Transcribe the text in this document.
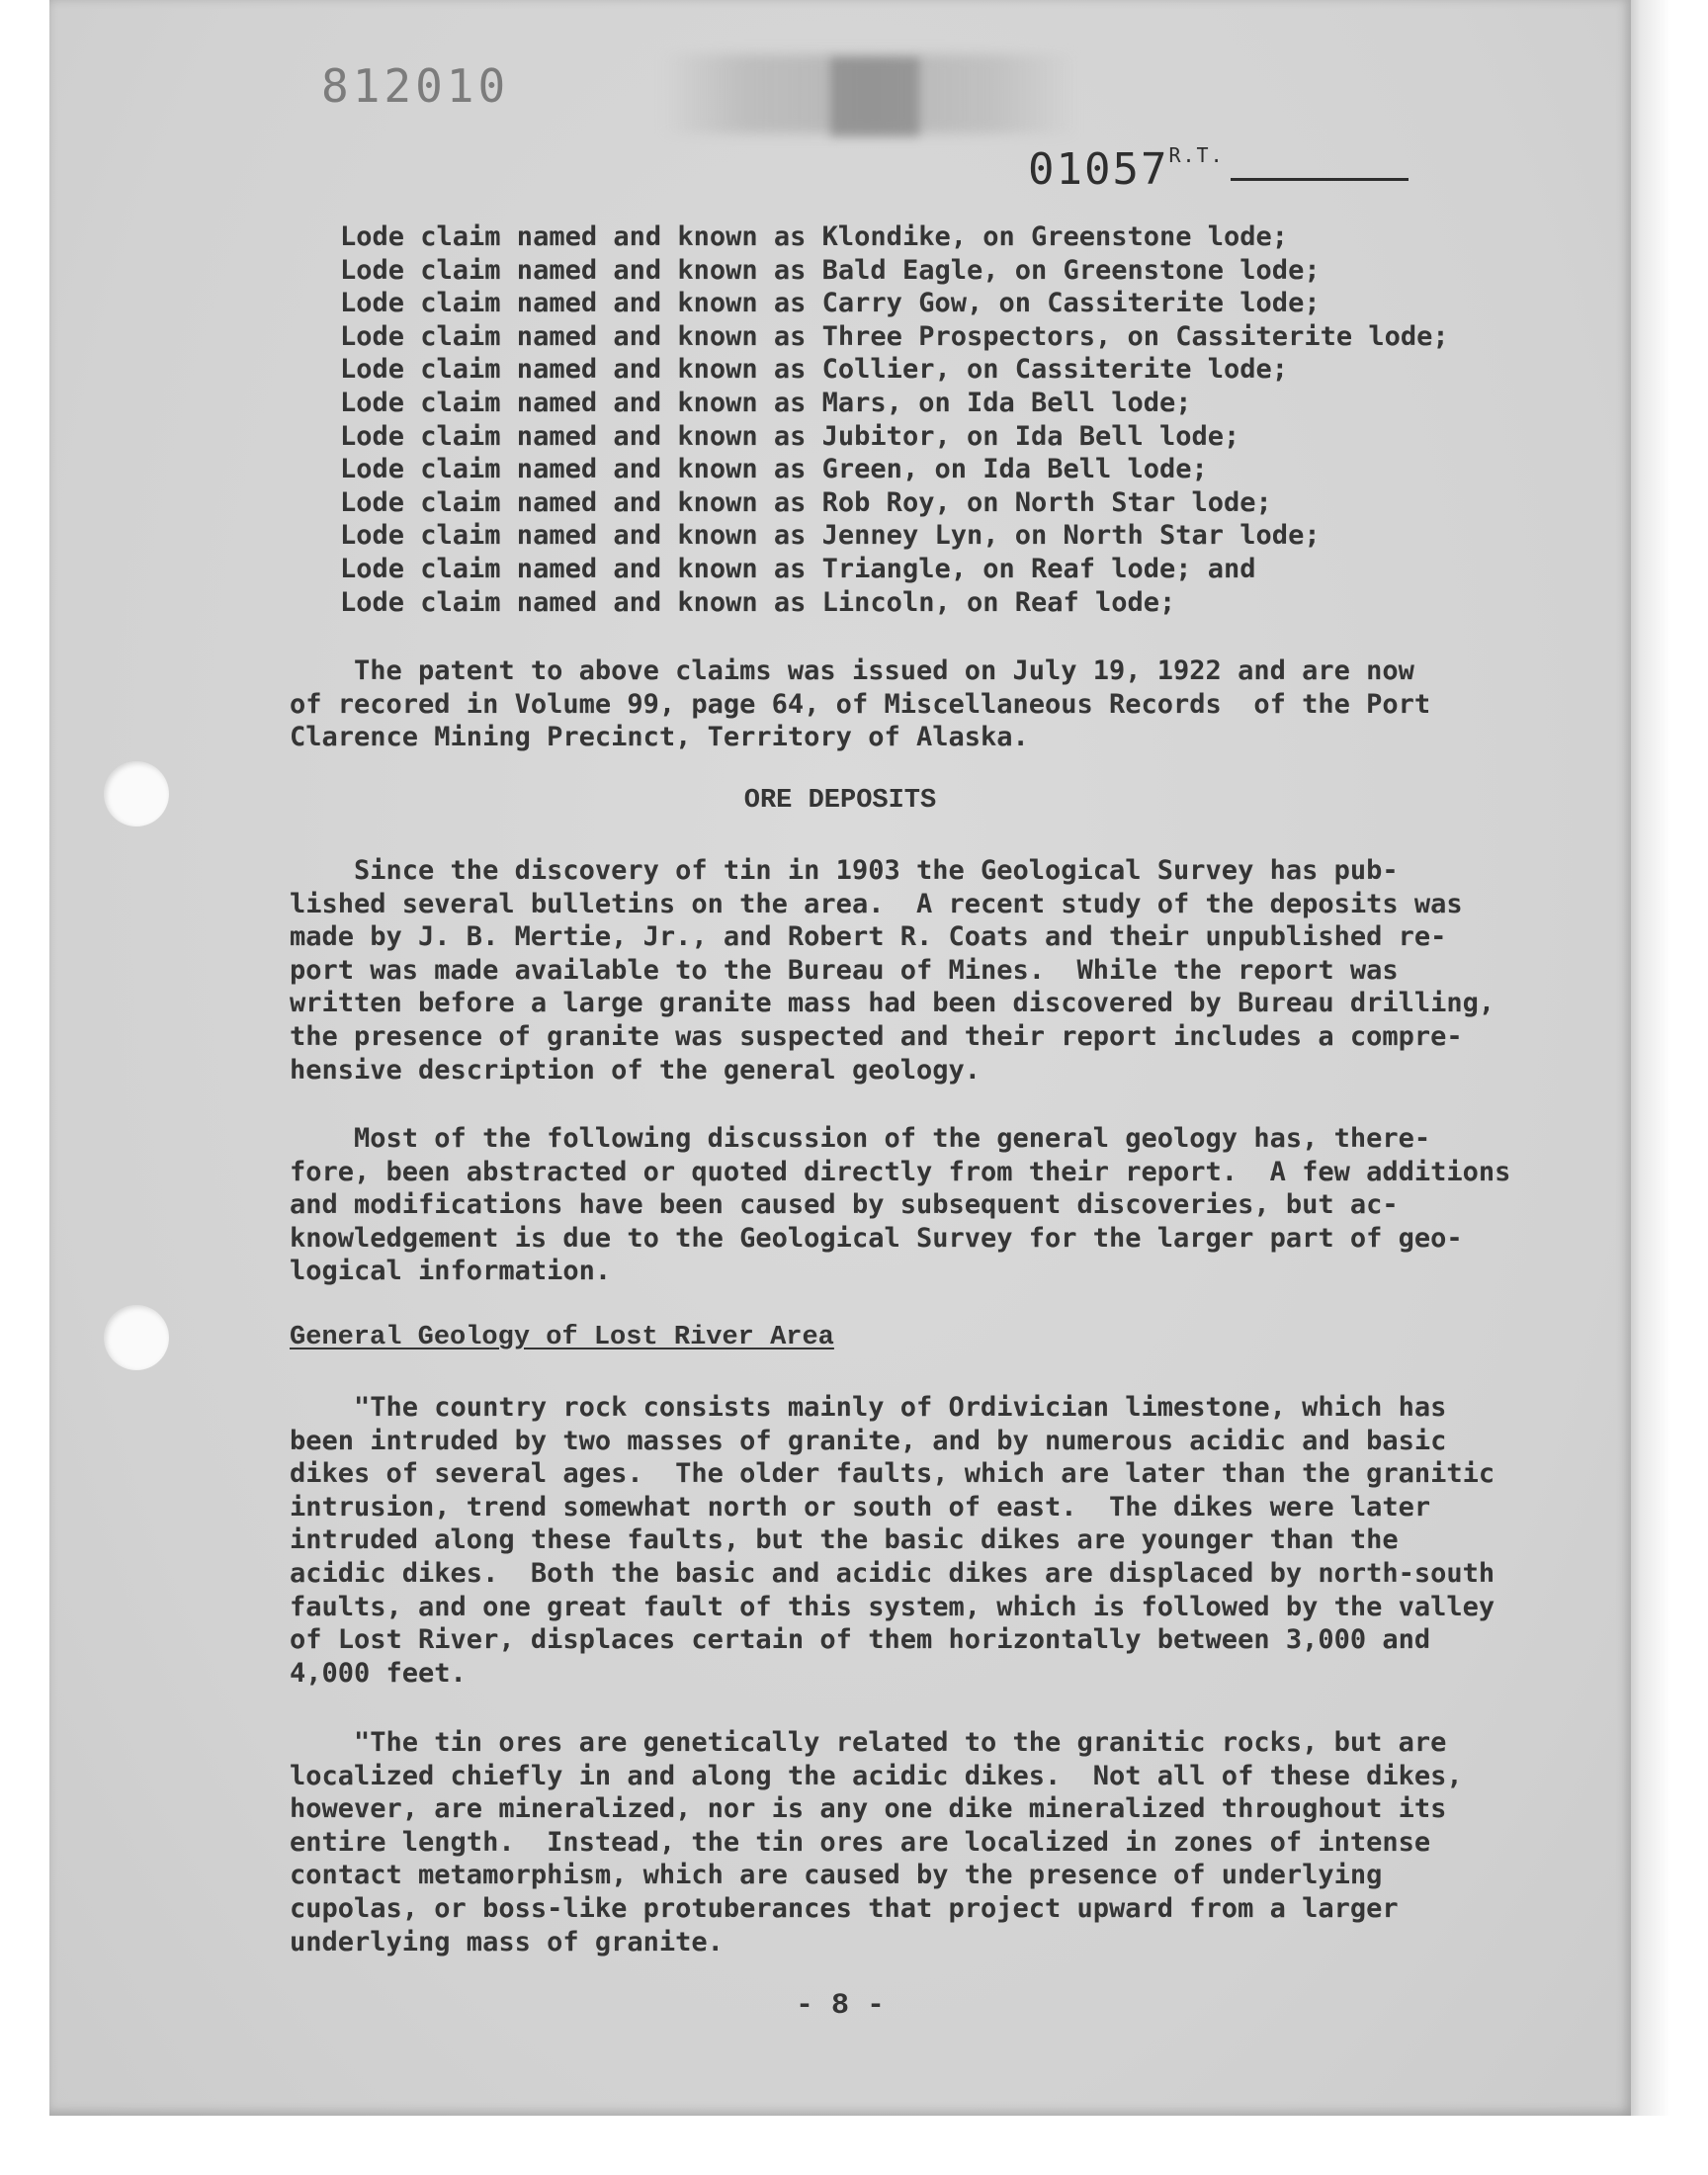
812010
$01057^{R.T.}$
Lode claim named and known as Klondike, on Greenstone lode;
Lode claim named and known as Bald Eagle, on Greenstone lode;
Lode claim named and known as Carry Gow, on Cassiterite lode;
Lode claim named and known as Three Prospectors, on Cassiterite lode;
Lode claim named and known as Collier, on Cassiterite lode;
Lode claim named and known as Mars, on Ida Bell lode;
Lode claim named and known as Jubitor, on Ida Bell lode;
Lode claim named and known as Green, on Ida Bell lode;
Lode claim named and known as Rob Roy, on North Star lode;
Lode claim named and known as Jenney Lyn, on North Star lode;
Lode claim named and known as Triangle, on Reaf lode; and
Lode claim named and known as Lincoln, on Reaf lode;
The patent to above claims was issued on July 19, 1922 and are now
of recored in Volume 99, page 64, of Miscellaneous Records  of the Port
Clarence Mining Precinct, Territory of Alaska.
ORE DEPOSITS
Since the discovery of tin in 1903 the Geological Survey has pub-
lished several bulletins on the area.  A recent study of the deposits was
made by J. B. Mertie, Jr., and Robert R. Coats and their unpublished re-
port was made available to the Bureau of Mines.  While the report was
written before a large granite mass had been discovered by Bureau drilling,
the presence of granite was suspected and their report includes a compre-
hensive description of the general geology.
Most of the following discussion of the general geology has, there-
fore, been abstracted or quoted directly from their report.  A few additions
and modifications have been caused by subsequent discoveries, but ac-
knowledgement is due to the Geological Survey for the larger part of geo-
logical information.
General Geology of Lost River Area
"The country rock consists mainly of Ordivician limestone, which has
been intruded by two masses of granite, and by numerous acidic and basic
dikes of several ages.  The older faults, which are later than the granitic
intrusion, trend somewhat north or south of east.  The dikes were later
intruded along these faults, but the basic dikes are younger than the
acidic dikes.  Both the basic and acidic dikes are displaced by north-south
faults, and one great fault of this system, which is followed by the valley
of Lost River, displaces certain of them horizontally between 3,000 and
4,000 feet.
"The tin ores are genetically related to the granitic rocks, but are
localized chiefly in and along the acidic dikes.  Not all of these dikes,
however, are mineralized, nor is any one dike mineralized throughout its
entire length.  Instead, the tin ores are localized in zones of intense
contact metamorphism, which are caused by the presence of underlying
cupolas, or boss-like protuberances that project upward from a larger
underlying mass of granite.
- 8 -
